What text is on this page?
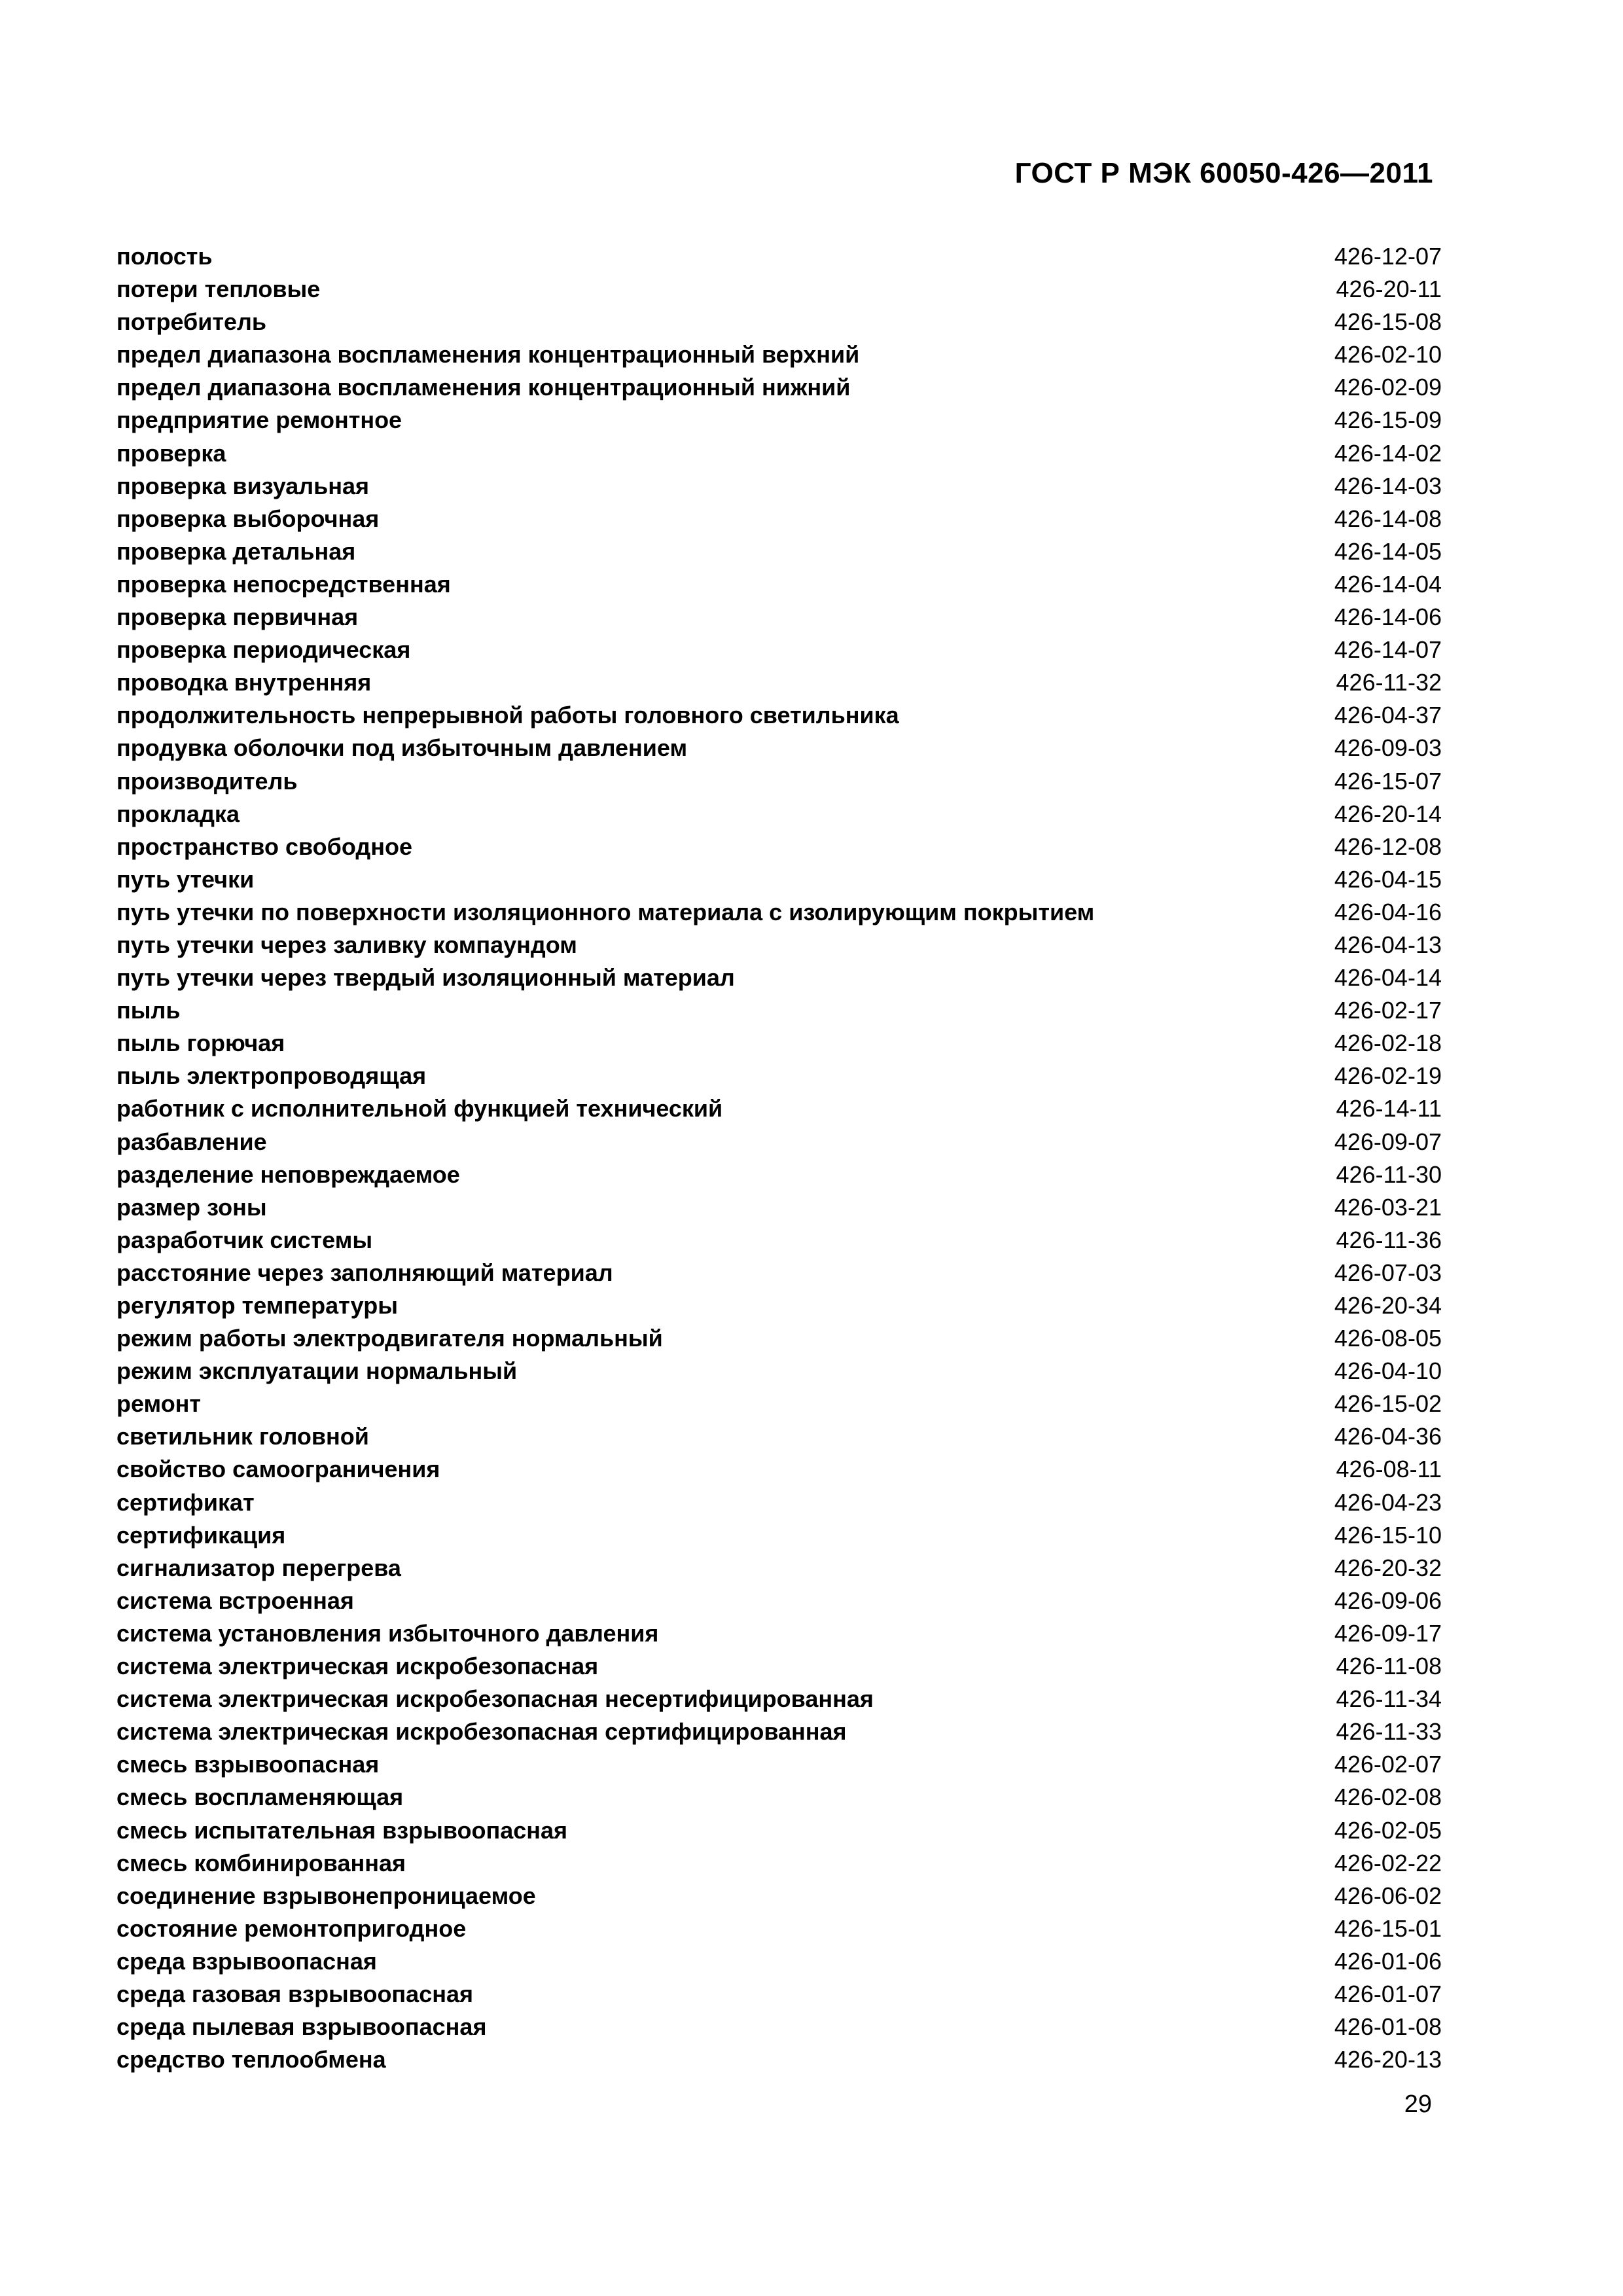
ГОСТ Р МЭК 60050-426—2011
полость	426-12-07
потери тепловые	426-20-11
потребитель	426-15-08
предел диапазона воспламенения концентрационный верхний	426-02-10
предел диапазона воспламенения концентрационный нижний	426-02-09
предприятие ремонтное	426-15-09
проверка	426-14-02
проверка визуальная	426-14-03
проверка выборочная	426-14-08
проверка детальная	426-14-05
проверка непосредственная	426-14-04
проверка первичная	426-14-06
проверка периодическая	426-14-07
проводка внутренняя	426-11-32
продолжительность непрерывной работы головного светильника	426-04-37
продувка оболочки под избыточным давлением	426-09-03
производитель	426-15-07
прокладка	426-20-14
пространство свободное	426-12-08
путь утечки	426-04-15
путь утечки по поверхности изоляционного материала с изолирующим покрытием	426-04-16
путь утечки через заливку компаундом	426-04-13
путь утечки через твердый изоляционный материал	426-04-14
пыль	426-02-17
пыль горючая	426-02-18
пыль электропроводящая	426-02-19
работник с исполнительной функцией технический	426-14-11
разбавление	426-09-07
разделение неповреждаемое	426-11-30
размер зоны	426-03-21
разработчик системы	426-11-36
расстояние через заполняющий материал	426-07-03
регулятор температуры	426-20-34
режим работы электродвигателя нормальный	426-08-05
режим эксплуатации нормальный	426-04-10
ремонт	426-15-02
светильник головной	426-04-36
свойство самоограничения	426-08-11
сертификат	426-04-23
сертификация	426-15-10
сигнализатор перегрева	426-20-32
система встроенная	426-09-06
система установления избыточного давления	426-09-17
система электрическая искробезопасная	426-11-08
система электрическая искробезопасная несертифицированная	426-11-34
система электрическая искробезопасная сертифицированная	426-11-33
смесь взрывоопасная	426-02-07
смесь воспламеняющая	426-02-08
смесь испытательная взрывоопасная	426-02-05
смесь комбинированная	426-02-22
соединение взрывонепроницаемое	426-06-02
состояние ремонтопригодное	426-15-01
среда взрывоопасная	426-01-06
среда газовая взрывоопасная	426-01-07
среда пылевая взрывоопасная	426-01-08
средство теплообмена	426-20-13
29
